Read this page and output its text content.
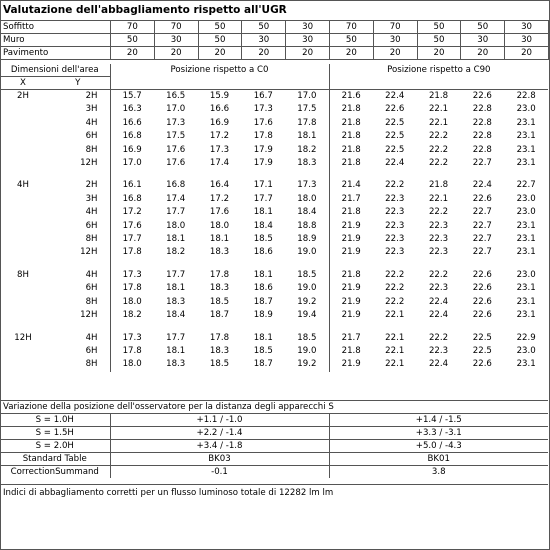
Valutazione dell'abbagliamento rispetto all'UGR
Soffitto	70	70	50	50	30	70	70	50	50	30
Muro	50	30	50	30	30	50	30	50	30	30
Pavimento	20	20	20	20	20	20	20	20	20	20
Dimensioni dell'area		Posizione rispetto a C0					Posizione rispetto a C90				
X	Y										
2H	2H	15.7	16.5	15.9	16.7	17.0	21.6	22.4	21.8	22.6	22.8
	3H	16.3	17.0	16.6	17.3	17.5	21.8	22.6	22.1	22.8	23.0
	4H	16.6	17.3	16.9	17.6	17.8	21.8	22.5	22.1	22.8	23.1
	6H	16.8	17.5	17.2	17.8	18.1	21.8	22.5	22.2	22.8	23.1
	8H	16.9	17.6	17.3	17.9	18.2	21.8	22.5	22.2	22.8	23.1
	12H	17.0	17.6	17.4	17.9	18.3	21.8	22.4	22.2	22.7	23.1

4H	2H	16.1	16.8	16.4	17.1	17.3	21.4	22.2	21.8	22.4	22.7
	3H	16.8	17.4	17.2	17.7	18.0	21.7	22.3	22.1	22.6	23.0
	4H	17.2	17.7	17.6	18.1	18.4	21.8	22.3	22.2	22.7	23.0
	6H	17.6	18.0	18.0	18.4	18.8	21.9	22.3	22.3	22.7	23.1
	8H	17.7	18.1	18.1	18.5	18.9	21.9	22.3	22.3	22.7	23.1
	12H	17.8	18.2	18.3	18.6	19.0	21.9	22.3	22.3	22.7	23.1

8H	4H	17.3	17.7	17.8	18.1	18.5	21.8	22.2	22.2	22.6	23.0
	6H	17.8	18.1	18.3	18.6	19.0	21.9	22.2	22.3	22.6	23.1
	8H	18.0	18.3	18.5	18.7	19.2	21.9	22.2	22.4	22.6	23.1
	12H	18.2	18.4	18.7	18.9	19.4	21.9	22.1	22.4	22.6	23.1

12H	4H	17.3	17.7	17.8	18.1	18.5	21.7	22.1	22.2	22.5	22.9
	6H	17.8	18.1	18.3	18.5	19.0	21.8	22.1	22.3	22.5	23.0
	8H	18.0	18.3	18.5	18.7	19.2	21.9	22.1	22.4	22.6	23.1
Variazione della posizione dell'osservatore per la distanza degli apparecchi S		
S = 1.0H	+1.1 / -1.0	+1.4 / -1.5
S = 1.5H	+2.2 / -1.4	+3.3 / -3.1
S = 2.0H	+3.4 / -1.8	+5.0 / -4.3
Standard Table	BK03	BK01
CorrectionSummand	-0.1	3.8
Indici di abbagliamento corretti per un flusso luminoso totale di 12282 lm lm
